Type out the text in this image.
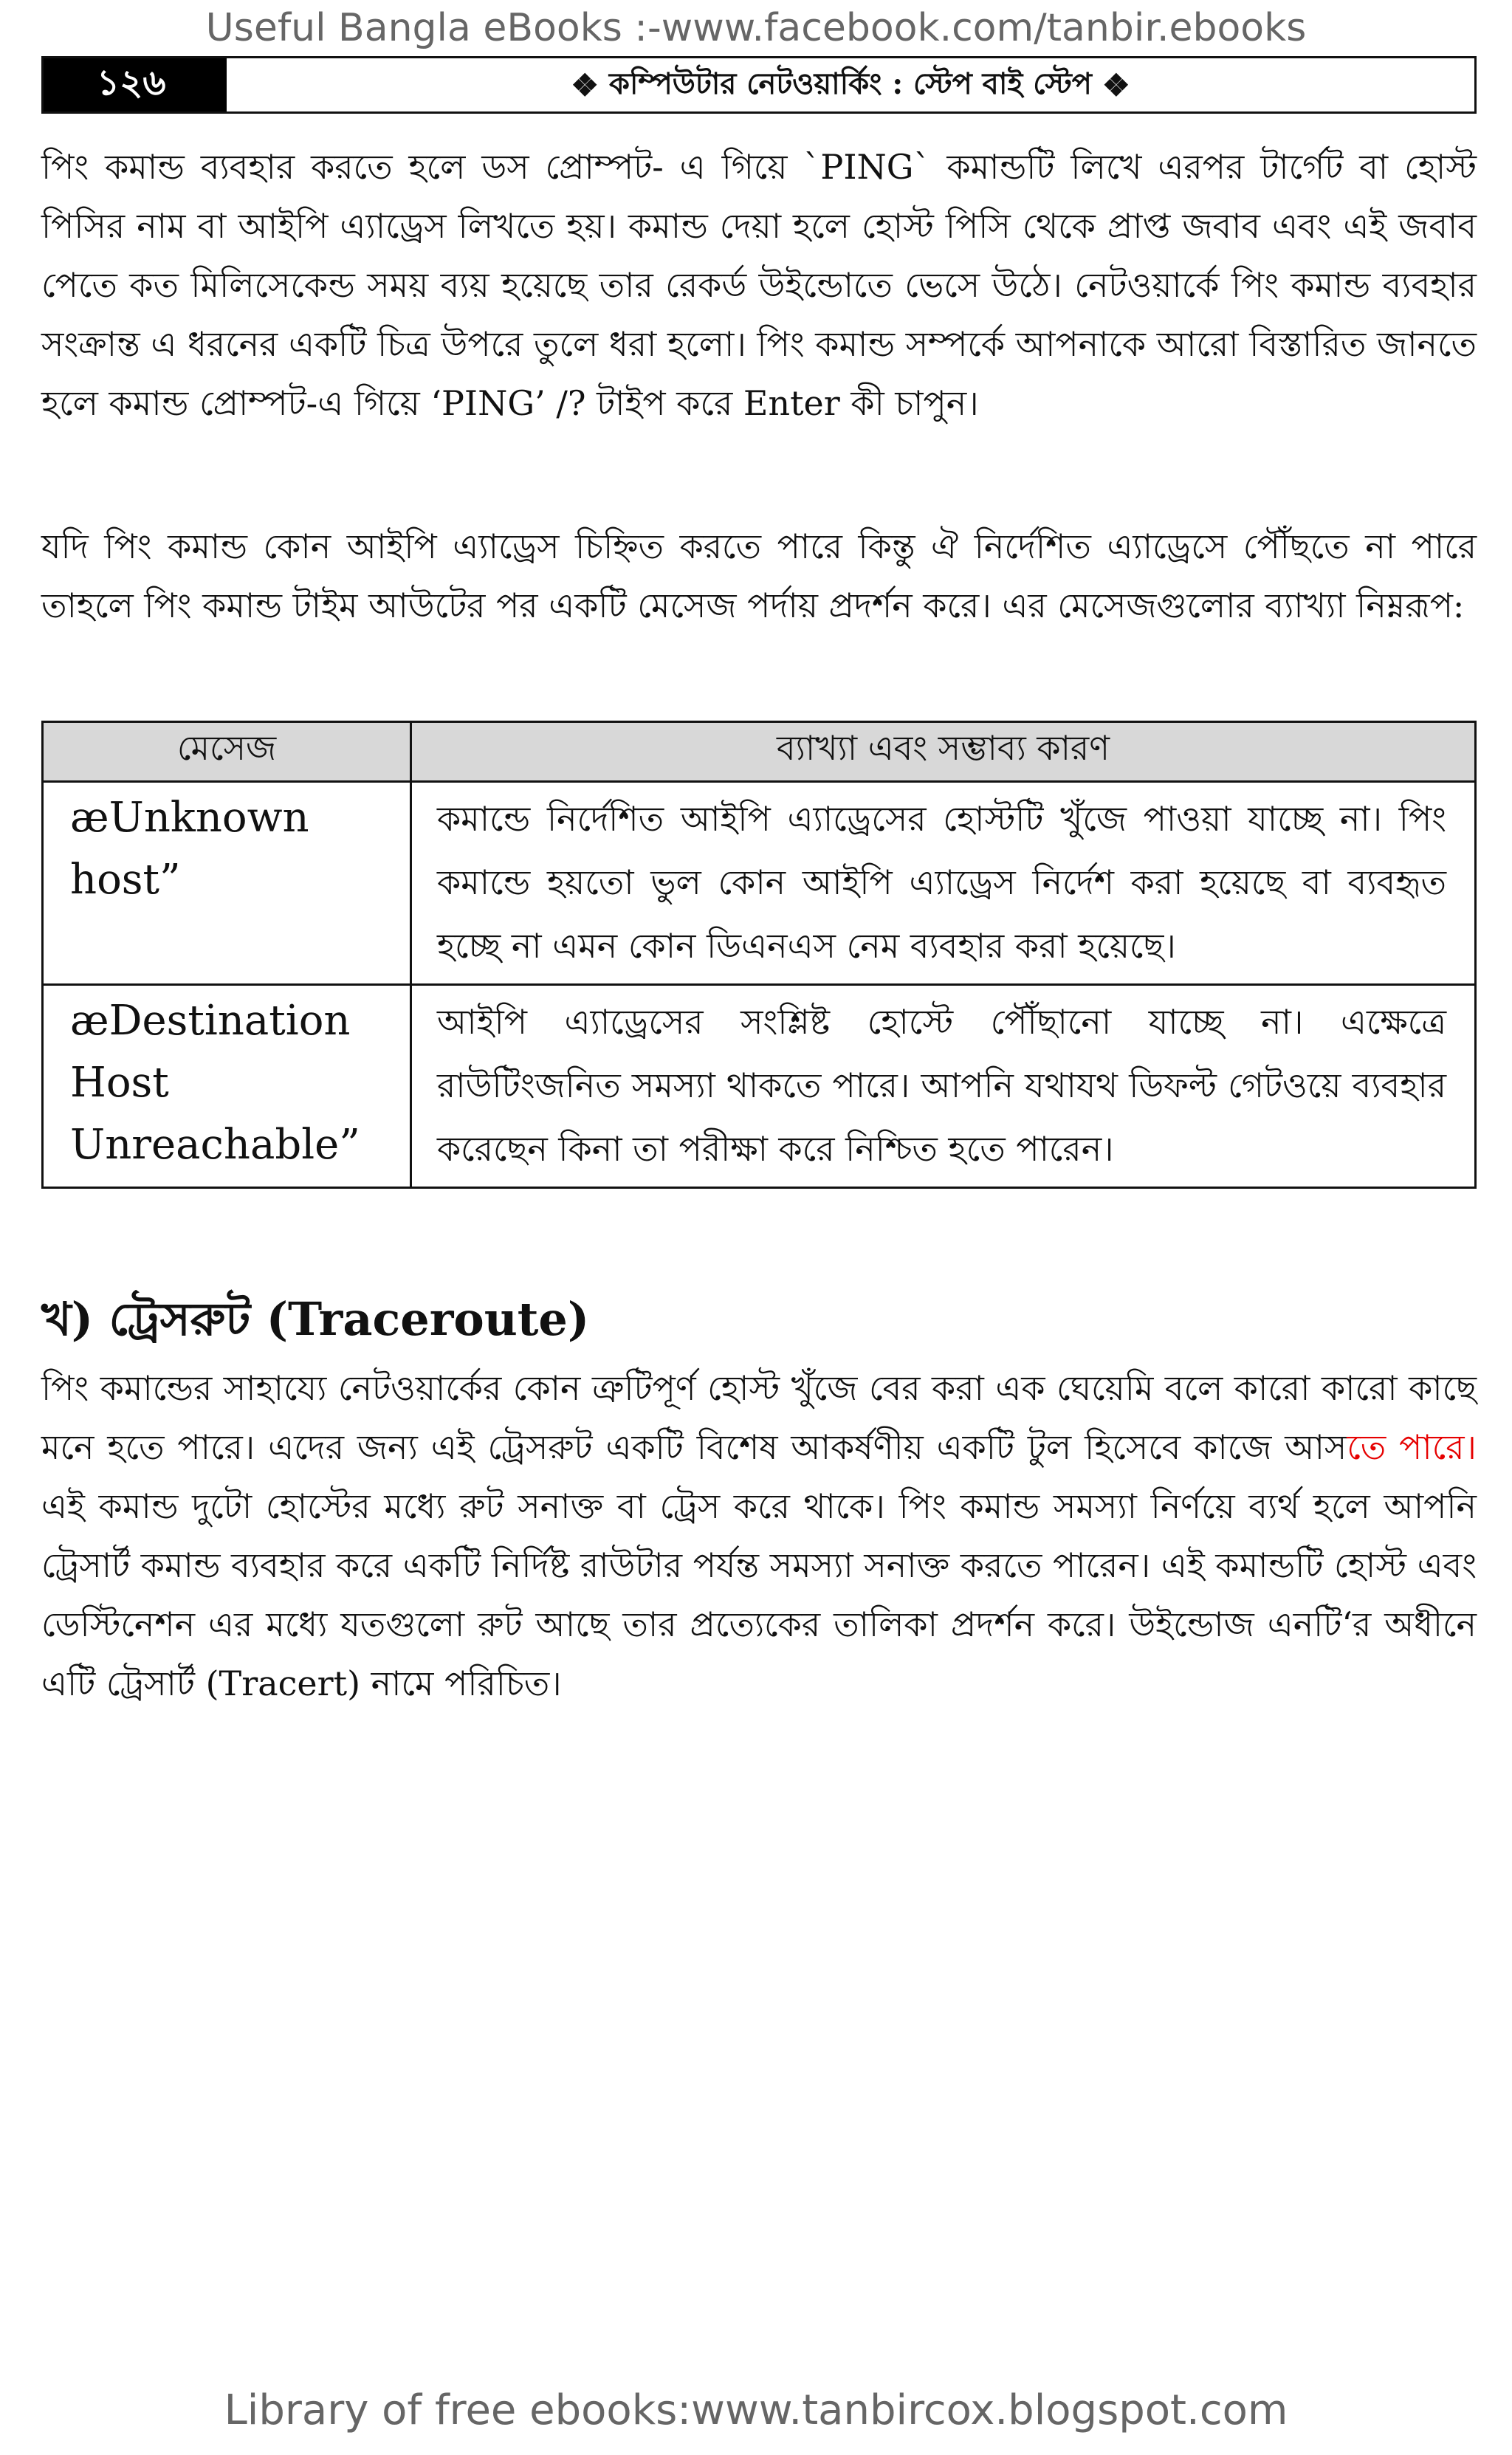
Useful Bangla eBooks :-www.facebook.com/tanbir.ebooks
১২৬	❖ কম্পিউটার নেটওয়ার্কিং : স্টেপ বাই স্টেপ ❖

পিং কমান্ড ব্যবহার করতে হলে ডস প্রোম্পট- এ গিয়ে `PING` কমান্ডটি লিখে এরপর টার্গেট বা হোস্ট পিসির নাম বা আইপি এ্যাড্রেস লিখতে হয়। কমান্ড দেয়া হলে হোস্ট পিসি থেকে প্রাপ্ত জবাব এবং এই জবাব পেতে কত মিলিসেকেন্ড সময় ব্যয় হয়েছে তার রেকর্ড উইন্ডোতে ভেসে উঠে। নেটওয়ার্কে পিং কমান্ড ব্যবহার সংক্রান্ত এ ধরনের একটি চিত্র উপরে তুলে ধরা হলো। পিং কমান্ড সম্পর্কে আপনাকে আরো বিস্তারিত জানতে হলে কমান্ড প্রোম্পট-এ গিয়ে ‘PING’ /? টাইপ করে Enter কী চাপুন।

যদি পিং কমান্ড কোন আইপি এ্যাড্রেস চিহ্নিত করতে পারে কিন্তু ঐ নির্দেশিত এ্যাড্রেসে পৌঁছতে না পারে তাহলে পিং কমান্ড টাইম আউটের পর একটি মেসেজ পর্দায় প্রদর্শন করে। এর মেসেজগুলোর ব্যাখ্যা নিম্নরূপ:

মেসেজ	ব্যাখ্যা এবং সম্ভাব্য কারণ
æUnknown host”	কমান্ডে নির্দেশিত আইপি এ্যাড্রেসের হোস্টটি খুঁজে পাওয়া যাচ্ছে না। পিং কমান্ডে হয়তো ভুল কোন আইপি এ্যাড্রেস নির্দেশ করা হয়েছে বা ব্যবহৃত হচ্ছে না এমন কোন ডিএনএস নেম ব্যবহার করা হয়েছে।
æDestination Host Unreachable”	আইপি এ্যাড্রেসের সংশ্লিষ্ট হোস্টে পৌঁছানো যাচ্ছে না। এক্ষেত্রে রাউটিংজনিত সমস্যা থাকতে পারে। আপনি যথাযথ ডিফল্ট গেটওয়ে ব্যবহার করেছেন কিনা তা পরীক্ষা করে নিশ্চিত হতে পারেন।
খ) ট্রেসরুট (Traceroute)

পিং কমান্ডের সাহায্যে নেটওয়ার্কের কোন ত্রুটিপূর্ণ হোস্ট খুঁজে বের করা এক ঘেয়েমি বলে কারো কারো কাছে মনে হতে পারে। এদের জন্য এই ট্রেসরুট একটি বিশেষ আকর্ষণীয় একটি টুল হিসেবে কাজে আসতে পারে। এই কমান্ড দুটো হোস্টের মধ্যে রুট সনাক্ত বা ট্রেস করে থাকে। পিং কমান্ড সমস্যা নির্ণয়ে ব্যর্থ হলে আপনি ট্রেসার্ট কমান্ড ব্যবহার করে একটি নির্দিষ্ট রাউটার পর্যন্ত সমস্যা সনাক্ত করতে পারেন। এই কমান্ডটি হোস্ট এবং ডেস্টিনেশন এর মধ্যে যতগুলো রুট আছে তার প্রত্যেকের তালিকা প্রদর্শন করে। উইন্ডোজ এনটি‘র অধীনে এটি ট্রেসার্ট (Tracert) নামে পরিচিত।

Library of free ebooks:www.tanbircox.blogspot.com
